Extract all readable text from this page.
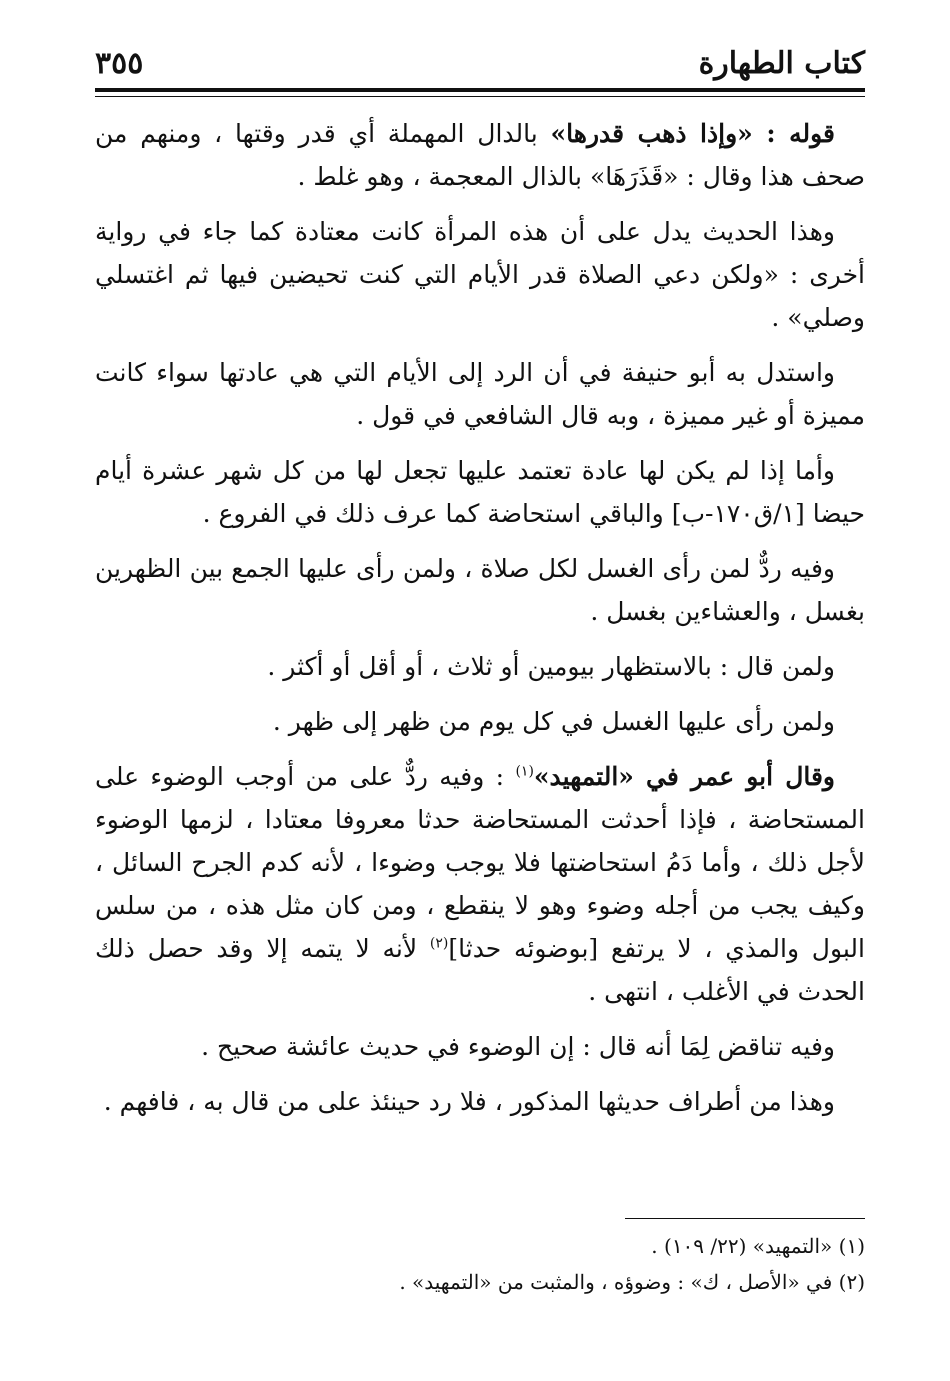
كتاب الطهارة
٣٥٥

قوله : «وإذا ذهب قدرها» بالدال المهملة أي قدر وقتها ، ومنهم من صحف هذا وقال : «قَذَرَهَا» بالذال المعجمة ، وهو غلط .

وهذا الحديث يدل على أن هذه المرأة كانت معتادة كما جاء في رواية أخرى : «ولكن دعي الصلاة قدر الأيام التي كنت تحيضين فيها ثم اغتسلي وصلي» .

واستدل به أبو حنيفة في أن الرد إلى الأيام التي هي عادتها سواء كانت مميزة أو غير مميزة ، وبه قال الشافعي في قول .

وأما إذا لم يكن لها عادة تعتمد عليها تجعل لها من كل شهر عشرة أيام حيضا [١/ق١٧٠-ب] والباقي استحاضة كما عرف ذلك في الفروع .

وفيه ردٌّ لمن رأى الغسل لكل صلاة ، ولمن رأى عليها الجمع بين الظهرين بغسل ، والعشاءين بغسل .

ولمن قال : بالاستظهار بيومين أو ثلاث ، أو أقل أو أكثر .

ولمن رأى عليها الغسل في كل يوم من ظهر إلى ظهر .

وقال أبو عمر في «التمهيد»$^{(١)}$ : وفيه ردٌّ على من أوجب الوضوء على المستحاضة ، فإذا أحدثت المستحاضة حدثا معروفا معتادا ، لزمها الوضوء لأجل ذلك ، وأما دَمُ استحاضتها فلا يوجب وضوءا ، لأنه كدم الجرح السائل ، وكيف يجب من أجله وضوء وهو لا ينقطع ، ومن كان مثل هذه ، من سلس البول والمذي ، لا يرتفع [بوضوئه حدثا]$^{(٢)}$ لأنه لا يتمه إلا وقد حصل ذلك الحدث في الأغلب ، انتهى .

وفيه تناقض لِمَا أنه قال : إن الوضوء في حديث عائشة صحيح .

وهذا من أطراف حديثها المذكور ، فلا رد حينئذ على من قال به ، فافهم .

(١) «التمهيد» (٢٢/ ١٠٩) .

(٢) في «الأصل ، ك» : وضوؤه ، والمثبت من «التمهيد» .
